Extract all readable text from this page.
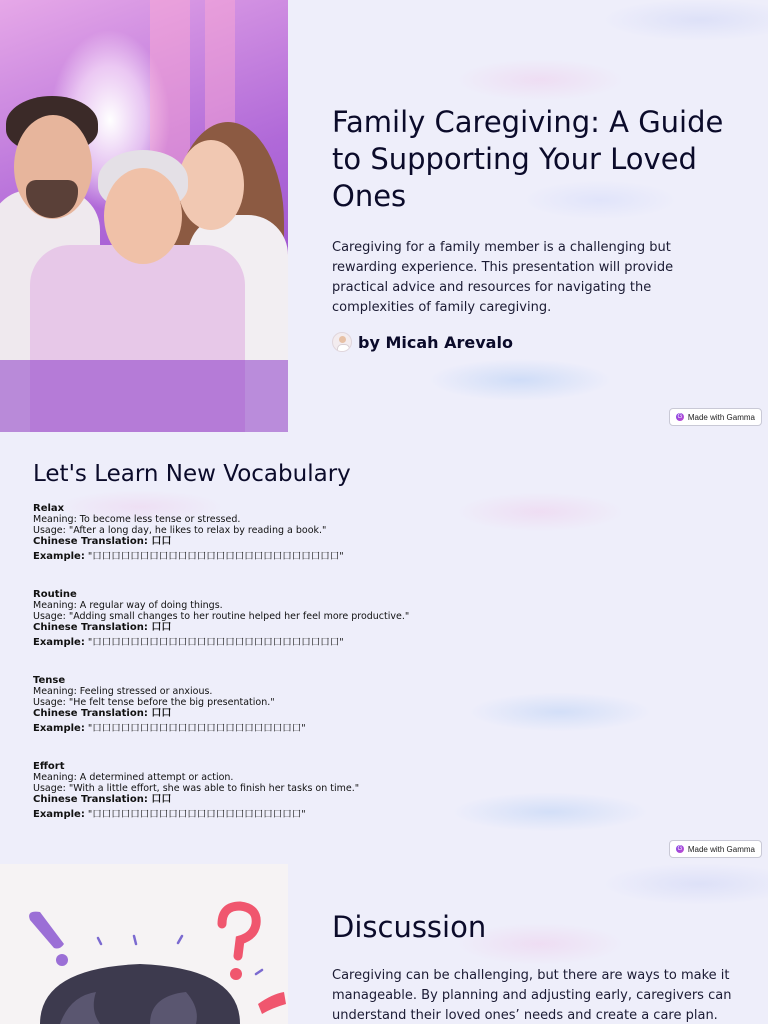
Family Caregiving: A Guide to Supporting Your Loved Ones

Caregiving for a family member is a challenging but rewarding experience. This presentation will provide practical advice and resources for navigating the complexities of family caregiving.

by Micah Arevalo
G Made with Gamma
Let's Learn New Vocabulary
Relax
Meaning: To become less tense or stressed.
Usage: "After a long day, he likes to relax by reading a book."
Chinese Translation: 口口
Example: "口口口口口口口口口口口口口口口口口口口口口口口口口口"
Routine
Meaning: A regular way of doing things.
Usage: "Adding small changes to her routine helped her feel more productive."
Chinese Translation: 口口
Example: "口口口口口口口口口口口口口口口口口口口口口口口口口口"
Tense
Meaning: Feeling stressed or anxious.
Usage: "He felt tense before the big presentation."
Chinese Translation: 口口
Example: "口口口口口口口口口口口口口口口口口口口口口口"
Effort
Meaning: A determined attempt or action.
Usage: "With a little effort, she was able to finish her tasks on time."
Chinese Translation: 口口
Example: "口口口口口口口口口口口口口口口口口口口口口口"
G Made with Gamma
Discussion

Caregiving can be challenging, but there are ways to make it manageable. By planning and adjusting early, caregivers can understand their loved ones’ needs and create a care plan.
